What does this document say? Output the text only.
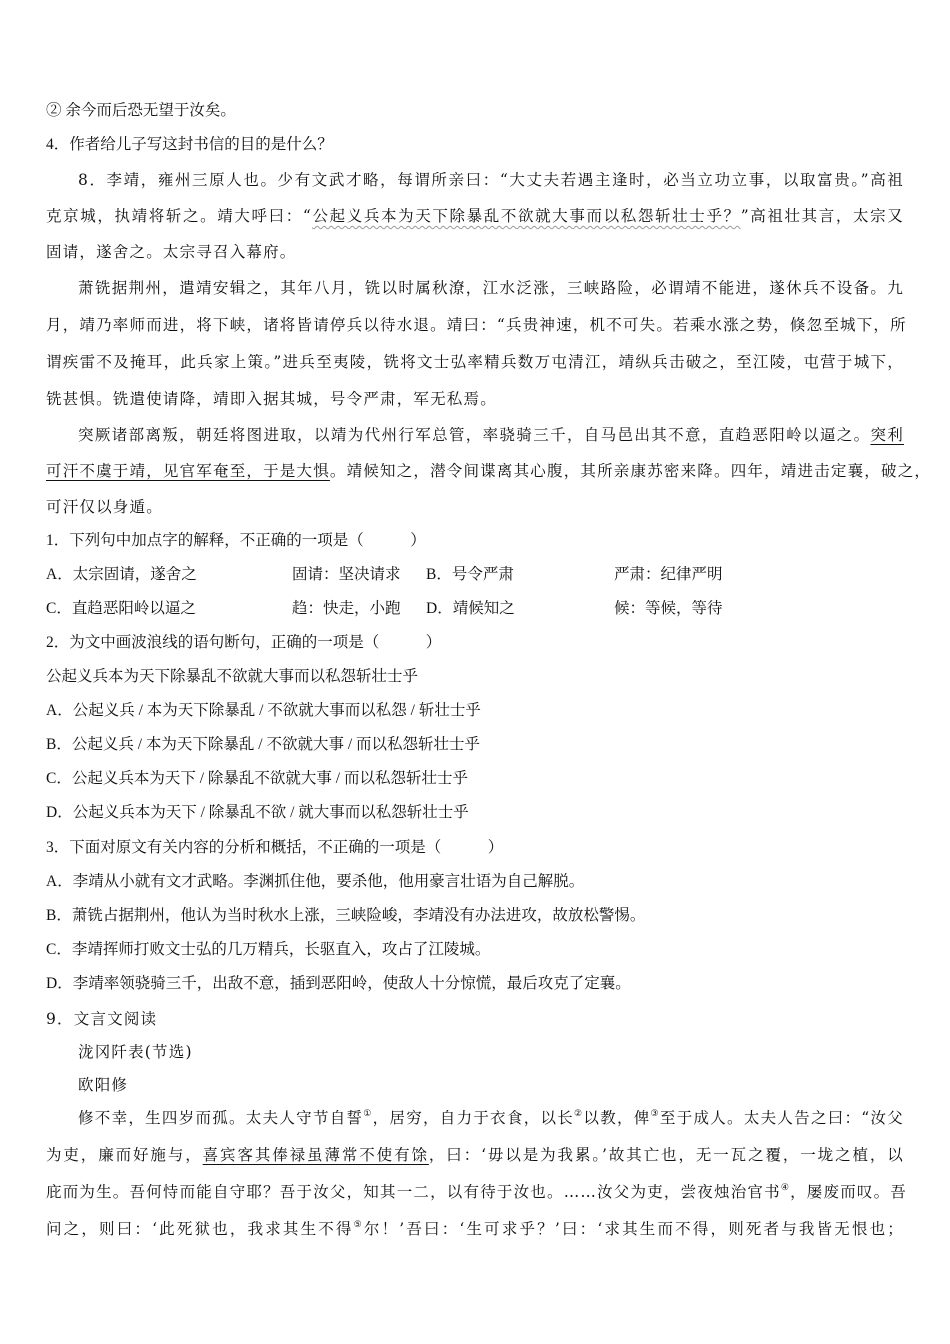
② 余今而后恐无望于汝矣。
4．作者给儿子写这封书信的目的是什么？
8．李靖，雍州三原人也。少有文武才略，每谓所亲曰：“大丈夫若遇主逢时，必当立功立事，以取富贵。”高祖
克京城，执靖将斩之。靖大呼曰：“公起义兵本为天下除暴乱不欲就大事而以私怨斩壮士乎？”高祖壮其言，太宗又
固请，遂舍之。太宗寻召入幕府。
萧铣据荆州，遣靖安辑之，其年八月，铣以时属秋潦，江水泛涨，三峡路险，必谓靖不能进，遂休兵不设备。九
月，靖乃率师而进，将下峡，诸将皆请停兵以待水退。靖曰：“兵贵神速，机不可失。若乘水涨之势，倏忽至城下，所
谓疾雷不及掩耳，此兵家上策。”进兵至夷陵，铣将文士弘率精兵数万屯清江，靖纵兵击破之，至江陵，屯营于城下，
铣甚惧。铣遣使请降，靖即入据其城，号令严肃，军无私焉。
突厥诸部离叛，朝廷将图进取，以靖为代州行军总管，率骁骑三千，自马邑出其不意，直趋恶阳岭以逼之。突利
可汗不虞于靖，见官军奄至，于是大惧。靖候知之，潜令间谍离其心腹，其所亲康苏密来降。四年，靖进击定襄，破之，
可汗仅以身遁。
1．下列句中加点字的解释，不正确的一项是（　　　）
A．太宗固请，遂舍之	固请：坚决请求 B．号令严肃	严肃：纪律严明
C．直趋恶阳岭以逼之	趋：快走，小跑 D．靖候知之	候：等候，等待
2．为文中画波浪线的语句断句，正确的一项是（　　　）
公起义兵本为天下除暴乱不欲就大事而以私怨斩壮士乎
A．公起义兵 / 本为天下除暴乱 / 不欲就大事而以私怨 / 斩壮士乎
B．公起义兵 / 本为天下除暴乱 / 不欲就大事 / 而以私怨斩壮士乎
C．公起义兵本为天下 / 除暴乱不欲就大事 / 而以私怨斩壮士乎
D．公起义兵本为天下 / 除暴乱不欲 / 就大事而以私怨斩壮士乎
3．下面对原文有关内容的分析和概括，不正确的一项是（　　　）
A．李靖从小就有文才武略。李渊抓住他，要杀他，他用豪言壮语为自己解脱。
B．萧铣占据荆州，他认为当时秋水上涨，三峡险峻，李靖没有办法进攻，故放松警惕。
C．李靖挥师打败文士弘的几万精兵，长驱直入，攻占了江陵城。
D．李靖率领骁骑三千，出敌不意，插到恶阳岭，使敌人十分惊慌，最后攻克了定襄。
9．文言文阅读
泷冈阡表(节选)
欧阳修
修不幸，生四岁而孤。太夫人守节自誓①，居穷，自力于衣食，以长②以教，俾③至于成人。太夫人告之曰：“汝父
为吏，廉而好施与，喜宾客其俸禄虽薄常不使有馀，曰：‘毋以是为我累。’故其亡也，无一瓦之覆，一垅之植，以
庇而为生。吾何恃而能自守耶？吾于汝父，知其一二，以有待于汝也。……汝父为吏，尝夜烛治官书④，屡废而叹。吾
问之，则曰：‘此死狱也，我求其生不得⑤尔！’吾曰：‘生可求乎？’曰：‘求其生而不得，则死者与我皆无恨也；
